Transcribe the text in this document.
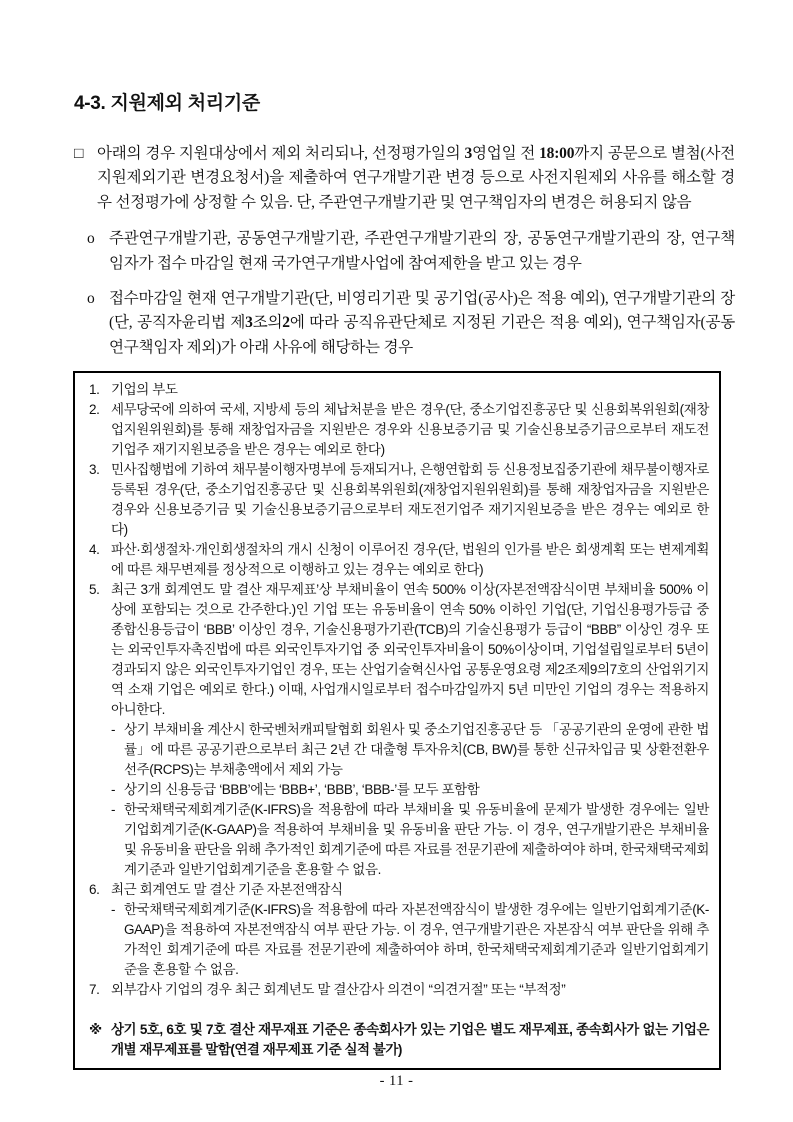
4-3. 지원제외 처리기준

□ 아래의 경우 지원대상에서 제외 처리되나, 선정평가일의 3영업일 전 18:00까지 공문으로 별첨(사전지원제외기관 변경요청서)을 제출하여 연구개발기관 변경 등으로 사전지원제외 사유를 해소할 경우 선정평가에 상정할 수 있음. 단, 주관연구개발기관 및 연구책임자의 변경은 허용되지 않음

o 주관연구개발기관, 공동연구개발기관, 주관연구개발기관의 장, 공동연구개발기관의 장, 연구책임자가 접수 마감일 현재 국가연구개발사업에 참여제한을 받고 있는 경우

o 접수마감일 현재 연구개발기관(단, 비영리기관 및 공기업(공사)은 적용 예외), 연구개발기관의 장(단, 공직자윤리법 제3조의2에 따라 공직유관단체로 지정된 기관은 적용 예외), 연구책임자(공동연구책임자 제외)가 아래 사유에 해당하는 경우

1. 기업의 부도
2. 세무당국에 의하여 국세, 지방세 등의 체납처분을 받은 경우(단, 중소기업진흥공단 및 신용회복위원회(재창업지원위원회)를 통해 재창업자금을 지원받은 경우와 신용보증기금 및 기술신용보증기금으로부터 재도전기업주 재기지원보증을 받은 경우는 예외로 한다)
3. 민사집행법에 기하여 채무불이행자명부에 등재되거나, 은행연합회 등 신용정보집중기관에 채무불이행자로 등록된 경우(단, 중소기업진흥공단 및 신용회복위원회(재창업지원위원회)를 통해 재창업자금을 지원받은 경우와 신용보증기금 및 기술신용보증기금으로부터 재도전기업주 재기지원보증을 받은 경우는 예외로 한다)
4. 파산·회생절차·개인회생절차의 개시 신청이 이루어진 경우(단, 법원의 인가를 받은 회생계획 또는 변제계획에 따른 채무변제를 정상적으로 이행하고 있는 경우는 예외로 한다)
5. 최근 3개 회계연도 말 결산 재무제표’상 부채비율이 연속 500% 이상(자본전액잠식이면 부채비율 500% 이상에 포함되는 것으로 간주한다.)인 기업 또는 유동비율이 연속 50% 이하인 기업(단, 기업신용평가등급 중 종합신용등급이 ‘BBB’ 이상인 경우, 기술신용평가기관(TCB)의 기술신용평가 등급이 “BBB” 이상인 경우 또는 외국인투자촉진법에 따른 외국인투자기업 중 외국인투자비율이 50%이상이며, 기업설립일로부터 5년이 경과되지 않은 외국인투자기업인 경우, 또는 산업기술혁신사업 공통운영요령 제2조제9의7호의 산업위기지역 소재 기업은 예외로 한다.) 이때, 사업개시일로부터 접수마감일까지 5년 미만인 기업의 경우는 적용하지 아니한다.
- 상기 부채비율 계산시 한국벤처캐피탈협회 회원사 및 중소기업진흥공단 등 「공공기관의 운영에 관한 법률」에 따른 공공기관으로부터 최근 2년 간 대출형 투자유치(CB, BW)를 통한 신규차입금 및 상환전환우선주(RCPS)는 부채총액에서 제외 가능
- 상기의 신용등급 ‘BBB’에는 ‘BBB+’, ‘BBB’, ‘BBB-’를 모두 포함함
- 한국채택국제회계기준(K-IFRS)을 적용함에 따라 부채비율 및 유동비율에 문제가 발생한 경우에는 일반기업회계기준(K-GAAP)을 적용하여 부채비율 및 유동비율 판단 가능. 이 경우, 연구개발기관은 부채비율 및 유동비율 판단을 위해 추가적인 회계기준에 따른 자료를 전문기관에 제출하여야 하며, 한국채택국제회계기준과 일반기업회계기준을 혼용할 수 없음.
6. 최근 회계연도 말 결산 기준 자본전액잠식
- 한국채택국제회계기준(K-IFRS)을 적용함에 따라 자본전액잠식이 발생한 경우에는 일반기업회계기준(K-GAAP)을 적용하여 자본전액잠식 여부 판단 가능. 이 경우, 연구개발기관은 자본잠식 여부 판단을 위해 추가적인 회계기준에 따른 자료를 전문기관에 제출하여야 하며, 한국채택국제회계기준과 일반기업회계기준을 혼용할 수 없음.
7. 외부감사 기업의 경우 최근 회계년도 말 결산감사 의견이 “의견거절” 또는 “부적정”
※ 상기 5호, 6호 및 7호 결산 재무재표 기준은 종속회사가 있는 기업은 별도 재무제표, 종속회사가 없는 기업은 개별 재무제표를 말함(연결 재무제표 기준 실적 불가)
- 11 -
